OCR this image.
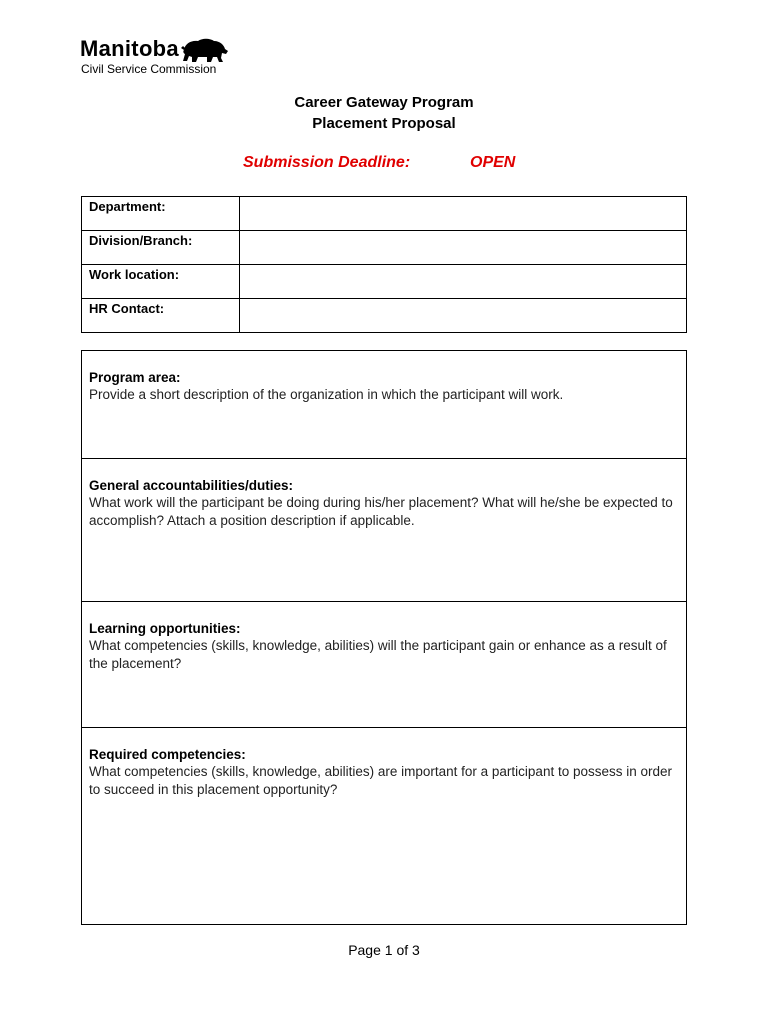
Manitoba
Civil Service Commission
Career Gateway Program
Placement Proposal
Submission Deadline:	OPEN
Department:	
Division/Branch:	
Work location:	
HR Contact:	
Program area:
Provide a short description of the organization in which the participant will work.
General accountabilities/duties:
What work will the participant be doing during his/her placement? What will he/she be expected to accomplish? Attach a position description if applicable.
Learning opportunities:
What competencies (skills, knowledge, abilities) will the participant gain or enhance as a result of the placement?
Required competencies:
What competencies (skills, knowledge, abilities) are important for a participant to possess in order to succeed in this placement opportunity?
Page 1 of 3
